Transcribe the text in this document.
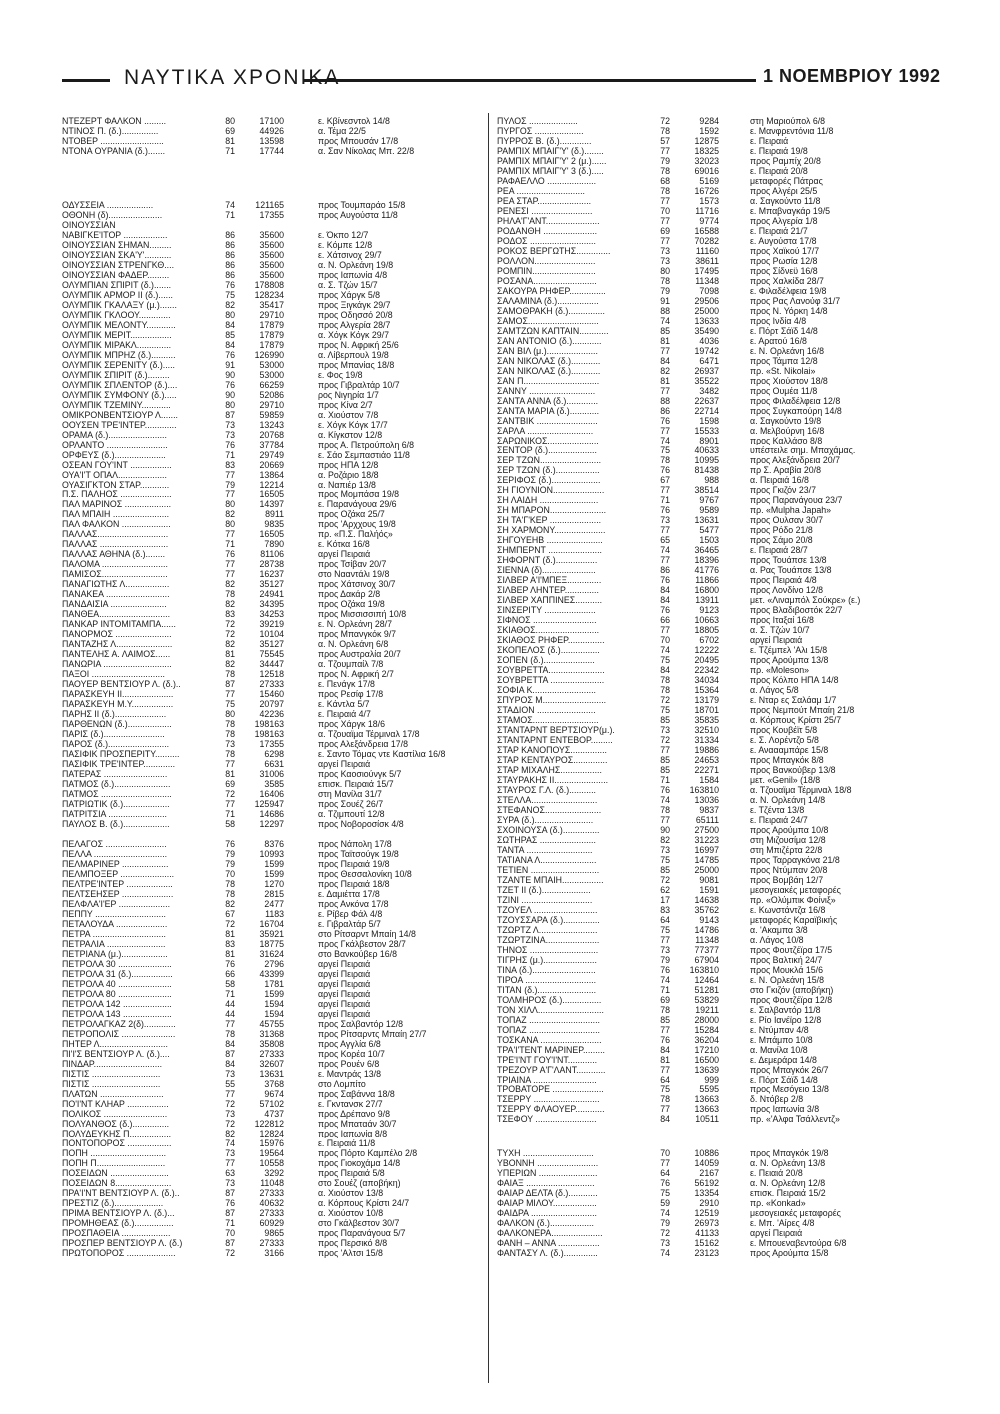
ΝΑΥΤΙΚΑ ΧΡΟΝΙΚΑ	1 ΝΟΕΜΒΡΙΟΥ 1992
ΝΤΕΖΕΡΤ ΦΑΛΚΟΝ .........	80	17100	ε. Κβίνεσντολ 14/8
ΝΤΙΝΟΣ Π. (δ.)...............	69	44926	α. Τέμα 22/5
ΝΤΟΒΕΡ ..........................	81	13598	προς Μπουσάν 17/8
ΝΤΟΝΑ ΟΥΡΑΝΙΑ (δ.).......	71	17744	α. Σαν Νίκολας Μπ. 22/8
ΟΔΥΣΣΕΙΑ ...................	74	121165	προς Τουμπαράο 15/8
ΟΘΟΝΗ (δ)......................	71	17355	προς Αυγούστα 11/8
ΟΙΝΟΥΣΣΙΑΝ
ΝΑΒΙΓΚΕ'ΙΤΟΡ ..................	86	35600	ε. Όκπο 12/7
ΟΙΝΟΥΣΣΙΑΝ ΣΗΜΑΝ.........	86	35600	ε. Κόμπε 12/8
ΟΙΝΟΥΣΣΙΑΝ ΣΚΑ'Υ'...........	86	35600	ε. Χάτσινοχ 29/7
ΟΙΝΟΥΣΣΙΑΝ ΣΤΡΕΝΓΚΘ....	86	35600	α. Ν. Ορλεάνη 19/8
ΟΙΝΟΥΣΣΙΑΝ ΦΑΔΕΡ.........	86	35600	προς Ιαπωνία 4/8
ΟΛΥΜΠΙΑΝ ΣΠΙΡΙΤ (δ.).......	76	178808	α. Σ. Τζών 15/7
ΟΛΥΜΠΙΚ ΑΡΜΟΡ ΙΙ (δ.)......	75	128234	προς Χάργκ 5/8
ΟΛΥΜΠΙΚ ΓΚΑΛΑΞΥ (μ.).......	82	35417	προς Ξιγκάγκ 29/7
ΟΛΥΜΠΙΚ ΓΚΛΟΟΥ.............	80	29710	προς Οδησσό 20/8
ΟΛΥΜΠΙΚ ΜΕΛΟΝΤΥ............	84	17879	προς Αλγερία 28/7
ΟΛΥΜΠΙΚ ΜΕΡΙΤ.................	85	17879	α. Χόγκ Κόγκ 29/7
ΟΛΥΜΠΙΚ ΜΙΡΑΚΛ..............	84	17879	προς Ν. Αφρική 25/6
ΟΛΥΜΠΙΚ ΜΠΡΗΖ (δ.)..........	76	126990	α. Λίβερπουλ 19/8
ΟΛΥΜΠΙΚ ΣΕΡΕΝΙΤΥ (δ.).....	91	53000	προς Μπανίας 18/8
ΟΛΥΜΠΙΚ ΣΠΙΡΙΤ (δ.).........	90	53000	ε. Φος 19/8
ΟΛΥΜΠΙΚ ΣΠΛΕΝΤΟΡ (δ.)....	76	66259	προς Γιβραλτάρ 10/7
ΟΛΥΜΠΙΚ ΣΥΜΦΟΝΥ (δ.).....	90	52086	ρος Νιγηρία 1/7
ΟΛΥΜΠΙΚ ΤΖΕΜΙΝΥ............	80	29710	προς Κίνα 2/7
ΟΜΙΚΡΟΝΒΕΝΤΣΙΟΥΡ Λ.......	87	59859	α. Χιούστον 7/8
ΟΟΥΣΕΝ ΤΡΕ'ΙΝΤΕΡ.............	73	13243	ε. Χόγκ Κόγκ 17/7
ΟΡΑΜΑ (δ.)........................	73	20768	α. Κίγκστον 12/8
ΟΡΛΑΝΤΟ .........................	76	37784	προς Α. Πετρούπολη 6/8
ΟΡΦΕΥΣ (δ.).....................	71	29749	ε. Σάο Σεμπαστιάο 11/8
ΟΣΕΑΝ ΓΟΥ'ΙΝΤ .................	83	20669	προς ΗΠΑ 12/8
ΟΥΑ'Ι'Τ ΟΠΑΛ....................	77	13864	α. Ροζάριο 18/8
ΟΥΑΣΙΓΚΤΟΝ ΣΤΑΡ............	79	12214	α. Ναπιέρ 13/8
Π.Σ. ΠΑΛΗΟΣ .....................	77	16505	προς Μομπάσα 19/8
ΠΑΛ ΜΑΡΙΝΟΣ ...................	80	14397	ε. Παρανάγουα 29/6
ΠΑΛ ΜΠΑΙΗ .......................	82	8911	προς Οζάκα 25/7
ΠΑΛ ΦΑΛΚΟΝ ....................	80	9835	προς 'Αρχχους 19/8
ΠΑΛΛΑΣ.............................	77	16505	πρ. «Π.Σ. Παλήός»
ΠΑΛΛΑΣ ............................	71	7890	ε. Κότκα 16/8
ΠΑΛΛΑΣ ΑΘΗΝΑ (δ.)........	76	81106	αργεί Πειραιά
ΠΑΛΟΜΑ ...........................	77	28738	προς Τσίβαν 20/7
ΠΑΜΙΣΟΣ...........................	77	16237	στο Νααντάλι 19/8
ΠΑΝΑΓΙΩΤΗΣ Λ..................	82	35127	προς Χάτσινοχ 30/7
ΠΑΝΑΚΕΑ ..........................	78	24941	προς Δακάρ 2/8
ΠΑΝΔΑΙΣΙΑ .......................	82	34395	προς Οζάκα 19/8
ΠΑΝΘΕΑ.............................	83	34253	προς Μισσισσιπή 10/8
ΠΑΝΚΑΡ ΙΝΤΟΜΙΤΑΜΠΑ......	72	39219	ε. Ν. Ορλεάνη 28/7
ΠΑΝΟΡΜΟΣ .......................	72	10104	προς Μπανγκόκ 9/7
ΠΑΝΤΑΖΗΣ Λ.......................	82	35127	α. Ν. Ορλεάνη 6/8
ΠΑΝΤΕΛΗΣ Α. ΛΑΙΜΟΣ......	81	75545	προς Αυστραλία 20/7
ΠΑΝΩΡΙΑ ............................	82	34447	α. Τζουμπαίλ 7/8
ΠΑΞΟΙ ..............................	78	12518	προς Ν. Αφρική 2/7
ΠΑΟΥΕΡ ΒΕΝΤΣΙΟΥΡ Λ. (δ.)..	87	27333	ε. Πενάγκ 17/8
ΠΑΡΑΣΚΕΥΗ ΙΙ.....................	77	15460	προς Ρεσίφ 17/8
ΠΑΡΑΣΚΕΥΗ Μ.Υ.................	75	20797	ε. Κάντλα 5/7
ΠΑΡΗΣ ΙΙ (δ.).....................	80	42236	ε. Πειραιά 4/7
ΠΑΡΘΕΝΩΝ (δ.)..................	78	198163	προς Χάργκ 18/6
ΠΑΡΙΣ (δ.).........................	78	198163	α. Τζουαϊμα Τέρμιναλ 17/8
ΠΑΡΟΣ (δ.).........................	73	17355	προς Αλεξάνδρεια 17/8
ΠΑΣΙΦΙΚ ΠΡΟΣΠΕΡΙΤΥ..........	78	6298	ε. Σαντο Τόμας ντε Καστίλια 16/8
ΠΑΣΙΦΙΚ ΤΡΕ'ΙΝΤΕΡ.............	77	6631	αργεί Πειραιά
ΠΑΤΕΡΑΣ ..........................	81	31006	προς Καοσιούνγκ 5/7
ΠΑΤΜΟΣ (δ.).......................	69	3585	επισκ. Πειραιά 15/7
ΠΑΤΜΟΣ .............................	72	16406	στη Μανίλα 31/7
ΠΑΤΡΙΩΤΙΚ (δ.)...................	77	125947	προς Σουέζ 26/7
ΠΑΤΡΙΤΣΙΑ ........................	71	14686	α. Τζιμπουτί 12/8
ΠΑΥΛΟΣ Β. (δ.)...................	58	12297	προς Νοβοροσίσκ 4/8
ΠΕΛΑΓΟΣ .........................	76	8376	προς Νάπολη 17/8
ΠΕΛΛΑ ..............................	79	10993	προς Ταϊτσούγκ 19/8
ΠΕΛΜΑΡΙΝΕΡ ...................	79	1599	προς Πειραιά 19/8
ΠΕΛΜΠΟΞΕΡ ......................	70	1599	προς Θεσσαλονίκη 10/8
ΠΕΛΤΡΕ'ΙΝΤΕΡ ...................	78	1270	προς Πειραιά 18/8
ΠΕΛΤΣΕΗΣΕΡ .....................	78	2815	ε. Δαμιέττα 17/8
ΠΕΛΦΛΑ'Ι'ΕΡ .....................	82	2477	προς Ανκόνα 17/8
ΠΕΠΠΥ .............................	67	1183	ε. Ρίβερ Φάλ 4/8
ΠΕΤΑΛΟΥΔΑ .....................	72	16704	ε. Γιβραλτάρ 5/7
ΠΕΤΡΑ ..............................	81	35921	στο Ρίτσαρντ Μπαίη 14/8
ΠΕΤΡΑΛΙΑ ........................	83	18775	προς Γκάλβεστον 28/7
ΠΕΤΡΙΑΝΑ (μ.)...................	81	31624	στο Βανκούβερ 16/8
ΠΕΤΡΟΛΑ 30 ......................	76	2796	αργεί Πειραιά
ΠΕΤΡΟΛΑ 31 (δ.).................	66	43399	αργεί Πειραιά
ΠΕΤΡΟΛΑ 40 ......................	58	1781	αργεί Πειραιά
ΠΕΤΡΟΛΑ 80 ......................	71	1599	αργεί Πειραιά
ΠΕΤΡΟΛΑ 142 ....................	44	1594	αργεί Πειραιά
ΠΕΤΡΟΛΑ 143 ....................	44	1594	αργεί Πειραιά
ΠΕΤΡΟΛΑΓΚΑΖ 2(δ).............	77	45755	προς Σαλβαντόρ 12/8
ΠΕΤΡΟΠΟΛΙΣ ......................	78	31368	προς Ρίτσαρντς Μπαίη 27/7
ΠΗΤΕΡ Λ............................	84	35808	προς Αγγλία 6/8
ΠΙ'Ι'Σ ΒΕΝΤΣΙΟΥΡ Λ. (δ.)....	87	27333	προς Κορέα 10/7
ΠΙΝΔΑΡ............................	84	32607	προς Ρουέν 6/8
ΠΙΣΤΙΣ ............................	73	13631	ε. Μαντράς 13/8
ΠΙΣΤΙΣ ............................	55	3768	στο Λομπίτο
ΠΛΑΤΩΝ ..........................	77	9674	προς Σαβάννα 18/8
ΠΟ'Ι'ΝΤ ΚΛΗΑΡ .................	72	57102	ε. Γκντανσκ 27/7
ΠΟΛΙΚΟΣ ..........................	73	4737	προς Δρέπανο 9/8
ΠΟΛΥΑΝΘΟΣ (δ.)...............	72	122812	προς Μπαταάν 30/7
ΠΟΛΥΔΕΥΚΗΣ Π.................	82	12824	προς Ιαπωνία 8/8
ΠΟΝΤΟΠΟΡΟΣ ..................	74	15976	ε. Πειραιά 11/8
ΠΟΠΗ ...............................	73	19564	προς Πόρτο Καμπέλο 2/8
ΠΟΠΗ Π............................	77	10558	προς Γιοκοχάμα 14/8
ΠΟΣΕΙΔΩΝ ........................	63	3292	προς Πειραιά 5/8
ΠΟΣΕΙΔΩΝ 8.......................	73	11048	στο Σουέζ (αποβήκη)
ΠΡΑ'Ι'ΝΤ ΒΕΝΤΣΙΟΥΡ Λ. (δ.)..	87	27333	α. Χιούστον 13/8
ΠΡΕΣΤΙΖ (δ.)....................	76	40632	α. Κόρπους Κρίστι 24/7
ΠΡΙΜΑ ΒΕΝΤΣΙΟΥΡ Λ. (δ.)...	87	27333	α. Χιούστον 10/8
ΠΡΟΜΗΘΕΑΣ (δ.)................	71	60929	στο Γκάλβεστον 30/7
ΠΡΟΣΠΑΘΕΙΑ ....................	70	9865	προς Παρανάγουα 5/7
ΠΡΟΣΠΕΡ ΒΕΝΤΣΙΟΥΡ Λ. (δ.)	87	27333	προς Περσικό 8/8
ΠΡΩΤΟΠΟΡΟΣ ....................	72	3166	προς 'Αλτσι 15/8
ΠΥΛΟΣ ....................	72	9284	στη Μαριούπολ 6/8
ΠΥΡΓΟΣ ....................	78	1592	ε. Μανφρεντόνια 11/8
ΠΥΡΡΟΣ Β. (δ.).............	57	12875	ε. Πειραιά
ΡΑΜΠΙΧ ΜΠΑΙΓ'Υ' (δ.)........	77	18325	ε. Πειραιά 19/8
ΡΑΜΠΙΧ ΜΠΑΙΓ'Υ' 2 (μ.)......	79	32023	προς Ραμπίχ 20/8
ΡΑΜΠΙΧ ΜΠΑΙΓ'Υ' 3 (δ.).....	78	69016	ε. Πειραιά 20/8
ΡΑΦΑΕΛΛΟ ....................	68	5169	μεταφορές Πάτρας
ΡΕΑ ............................	78	16726	προς Αλγέρι 25/5
ΡΕΑ ΣΤΑΡ......................	77	1573	α. Σαγκούντο 11/8
ΡΕΝΕΣΙ .........................	70	11716	ε. Μπαβναγκάρ 19/5
ΡΗΛΑ'Γ'ΑΝΤ......................	77	9774	προς Αλγερία 1/8
ΡΟΔΑΝΘΗ ......................	69	16588	ε. Πειραιά 21/7
ΡΟΔΟΣ ...........................	77	70282	ε. Αυγούστα 17/8
ΡΟΚΟΣ ΒΕΡΓΩΤΗΣ..............	73	11160	προς Χαϊκού 17/7
ΡΟΛΛΟΝ.........................	73	38611	προς Ρωσία 12/8
ΡΟΜΠΙΝ..........................	80	17495	προς Σίδνεϋ 16/8
ΡΟΣΑΝΑ..........................	78	11348	προς Χαλκίδα 28/7
ΣΑΚΟΥΡΑ ΡΗΦΕΡ...............	79	7098	ε. Φιλαδέλφεια 19/8
ΣΑΛΑΜΙΝΑ (δ.).................	91	29506	προς Ρας Λανούφ 31/7
ΣΑΜΟΘΡΑΚΗ (δ.)...............	88	25000	προς Ν. Υόρκη 14/8
ΣΑΜΟΣ.............................	74	13633	προς Ινδία 4/8
ΣΑΜΤΖΩΝ ΚΑΠΤΑΙΝ............	85	35490	ε. Πόρτ Σάϊδ 14/8
ΣΑΝ ΑΝΤΟΝΙΟ (δ.)............	81	4036	ε. Αρατού 16/8
ΣΑΝ ΒΙΛ (μ.).....................	77	19742	ε. Ν. Ορλεάνη 16/8
ΣΑΝ ΝΙΚΟΛΑΣ (δ.)............	84	6471	προς Τάμπα 12/8
ΣΑΝ ΝΙΚΟΛΑΣ (δ.)............	82	26937	πρ. «St. Nikolai»
ΣΑΝ Π...............................	81	35522	προς Χιούστον 18/8
ΣΑΝΝΥ ...........................	77	3482	προς Ουμέα 11/8
ΣΑΝΤΑ ΑΝΝΑ (δ.).............	88	22637	προς Φιλαδέλφεια 12/8
ΣΑΝΤΑ ΜΑΡΙΑ (δ.)............	86	22714	προς Συγκαπούρη 14/8
ΣΑΝΤΒΙΚ .........................	76	1598	α. Σαγκούντο 19/8
ΣΑΡΛΑ ...........................	77	15533	α. Μελβούρνη 16/8
ΣΑΡΩΝΙΚΟΣ.....................	74	8901	προς Καλλάσο 8/8
ΣΕΝΤΟΡ (δ.)....................	75	40633	υπέστειλε σημ. Μπαχάμας.
ΣΕΡ ΤΖΩΝ.........................	78	10995	προς Αλεξάνδρεια 20/7
ΣΕΡ ΤΖΩΝ (δ.)..................	76	81438	πρ Σ. Αραβία 20/8
ΣΕΡΙΦΟΣ (δ.)....................	67	988	α. Πειραιά 16/8
ΣΗ ΓΙΟΥΝΙΟΝ.....................	77	38514	προς Γκιζόν 23/7
ΣΗ ΛΑΙΔΗ ........................	71	9767	προς Παρανάγουα 23/7
ΣΗ ΜΠΑΡΟΝ.......................	76	9589	πρ. «Mulpha Japah»
ΣΗ ΤΑ'Γ'ΚΕΡ .....................	73	13631	προς Ουλσαν 30/7
ΣΗ ΧΑΡΜΟΝΥ.....................	77	5477	προς Ρόδο 21/8
ΣΗΓΟΥΕΗΒ .......................	65	1503	προς Σάμο 20/8
ΣΗΜΠΕΡΝΤ ......................	74	36465	ε. Πειραιά 28/7
ΣΗΦΟΡΝΤ (δ.).................	77	18396	προς Τουάπσε 13/8
ΣΙΕΝΝΑ (δ)......................	86	41776	α. Ρας Τουάπσε 13/8
ΣΙΛΒΕΡ Α'Ι'ΜΠΕΞ..............	76	11866	προς Πειραιά 4/8
ΣΙΛΒΕΡ ΛΗΝΤΕΡ..............	84	16800	προς Λονδίνο 12/8
ΣΙΛΒΕΡ ΧΑΠΠΙΝΕΣ...........	84	13911	μετ. «Λιναμπόλ Σούκρε» (ε.)
ΣΙΝΣΕΡΙΤΥ .....................	76	9123	προς Βλαδιβοστόκ 22/7
ΣΙΦΝΟΣ ..........................	66	10663	προς Ιταξαί 16/8
ΣΚΙΑΘΟΣ..........................	77	18805	α. Σ. Τζών 10/7
ΣΚΙΑΘΟΣ ΡΗΦΕΡ...............	70	6702	αργεί Πειραιά
ΣΚΟΠΕΛΟΣ (δ.)................	74	12222	ε. Τζέμπελ 'Αλι 15/8
ΣΟΠΕΝ (δ.).....................	75	20495	προς Αρούμπα 13/8
ΣΟΥΒΡΕΤΤΑ.......................	84	22342	πρ. «Moleson»
ΣΟΥΒΡΕΤΤΑ ......................	78	34034	προς Κόλπο ΗΠΑ 14/8
ΣΟΦΙΑ Κ..........................	78	15364	α. Λάγος 5/8
ΣΠΥΡΟΣ Μ..........................	72	13179	ε. Νταρ ες Σαλάαμ 1/7
ΣΤΑΔΙΟΝ ........................	75	18701	προς Νεμπούτ Μπαίη 21/8
ΣΤΑΜΟΣ...........................	85	35835	α. Κόρπους Κρίστι 25/7
ΣΤΑΝΤΑΡΝΤ ΒΕΡΤΣΙΟΥΡ(μ.).	73	32510	προς Κουβέϊτ 5/8
ΣΤΑΝΤΑΡΝΤ ΕΝΤΕΒΟΡ.........	72	31334	ε. Σ. Λορέντζο 5/8
ΣΤΑΡ ΚΑΝΟΠΟΥΣ...............	77	19886	ε. Αναααμπάρε 15/8
ΣΤΑΡ ΚΕΝΤΑΥΡΟΣ..............	85	24653	προς Μπαγκόκ 8/8
ΣΤΑΡ ΜΙΧΑΛΗΣ.................	85	22271	προς Βανκούβερ 13/8
ΣΤΑΥΡΑΚΗΣ ΙΙ......................	71	1584	μετ. «Genil» (18/8
ΣΤΑΥΡΟΣ Γ.Λ. (δ.)...........	76	163810	α. Τζουαϊμα Τέρμιναλ 18/8
ΣΤΕΛΛΑ...........................	74	13036	α. Ν. Ορλεάνη 14/8
ΣΤΕΦΑΝΟΣ.......................	78	9837	ε. Τζέντα 13/8
ΣΥΡΑ (δ.)........................	77	65111	ε. Πειραιά 24/7
ΣΧΟΙΝΟΥΣΑ (δ.)...............	90	27500	προς Αρούμπα 10/8
ΣΩΤΗΡΑΣ .......................	82	31223	στη Μιζουσίμα 12/8
ΤΑΝΤΑ ...........................	73	16997	στη Μπιζέρτα 22/8
ΤΑΤΙΑΝΑ Λ.......................	75	14785	προς Ταρραγκόνα 21/8
ΤΕΤΙΕΝ ............................	85	25000	προς Ντύμπαν 20/8
ΤΖΑΝΤΕ ΜΠΑΙΗ.................	72	9081	προς Βομβάη 12/7
ΤΖΕΤ ΙΙ (δ.)....................	62	1591	μεσογειακές μεταφορές
ΤΖΙΝΙ .............................	17	14638	πρ. «Ολύμπικ Φοίνιξ»
ΤΖΟΥΕΛ ..........................	83	35762	ε. Κωνστάντζα 16/8
ΤΖΟΥΣΣΑΡΑ (δ.)...............	64	9143	μεταφορές Καραϊβικής
ΤΖΩΡΤΖ Λ........................	75	14786	α. 'Ακαμπα 3/8
ΤΖΩΡΤΖΙΝΑ......................	77	11348	α. Λάγος 10/8
ΤΗΝΟΣ ............................	73	77377	προς Φουτζέϊρα 17/5
ΤΙΓΡΗΣ (μ.)......................	79	67904	προς Βαλτική 24/7
ΤΙΝΑ (δ.)..........................	76	163810	προς Μουκλά 15/6
ΤΙΡΟΑ .............................	74	12464	ε. Ν. Ορλεάνη 15/8
ΤΙΤΑΝ (δ.)........................	71	51281	στο Γκιζόν (αποβήκη)
ΤΟΛΜΗΡΟΣ (δ.)................	69	53829	προς Φουτζέϊρα 12/8
ΤΟΝ ΧΙΛΛ...........................	78	19211	ε. Σαλβαντόρ 11/8
ΤΟΠΑΖ .............................	85	28000	ε. Ρίο Ιανέϊρο 12/8
ΤΟΠΑΖ .............................	77	15284	ε. Ντύμπαν 4/8
ΤΟΣΚΑΝΑ .........................	76	36204	ε. Μπάμπο 10/8
ΤΡΑ'Ι'ΤΕΝΤ ΜΑΡΙΝΕΡ.........	84	17210	α. Μανίλα 10/8
ΤΡΕ'Ι'ΝΤ ΓΟΥ'Ι'ΝΤ............	81	16500	ε. Δεμεράρα 14/8
ΤΡΕΖΟΥΡ Α'Γ'ΛΑΝΤ............	77	13639	προς Μπαγκόκ 26/7
ΤΡΙΑΙΝΑ ..........................	64	999	ε. Πόρτ Σάϊδ 14/8
ΤΡΟΒΑΤΟΡΕ .....................	75	5595	προς Μεσόγειο 13/8
ΤΣΕΡΡΥ ...........................	78	13663	δ. Ντόβερ 2/8
ΤΣΕΡΡΥ ΦΛΑΟΥΕΡ............	77	13663	προς Ιαπωνία 3/8
ΤΣΕΦΟΥ .........................	84	10511	πρ. «'Αλφα Τσάλλεντζ»
ΤΥΧΗ .............................	70	10886	προς Μπαγκόκ 19/8
ΥΒΟΝΝΗ .........................	77	14059	α. Ν. Ορλεάνη 13/8
ΥΠΕΡΙΩΝ ........................	64	2167	ε. Πειαιά 20/8
ΦΑΙΑΞ ............................	76	56192	α. Ν. Ορλεάνη 12/8
ΦΑΙΑΡ ΔΕΛΤΑ (δ.)............	75	13354	επισκ. Πειραιά 15/2
ΦΑΙΑΡ ΜΙΛΟΥ..................	59	2910	πρ. «Konkad»
ΦΑΙΔΡΑ ...........................	74	12519	μεσογειακές μεταφορές
ΦΑΛΚΟΝ (δ.)..................	79	26973	ε. Μπ. 'Αίρες 4/8
ΦΑΛΚΟΝΕΡΑ.....................	72	41133	αργεί Πειραιά
ΦΑΝΗ – ΑΝΝΑ .................	73	15162	ε. Μπουεναβεντούρα 6/8
ΦΑΝΤΑΣΥ Λ. (δ.)..............	74	23123	προς Αρούμπα 15/8
